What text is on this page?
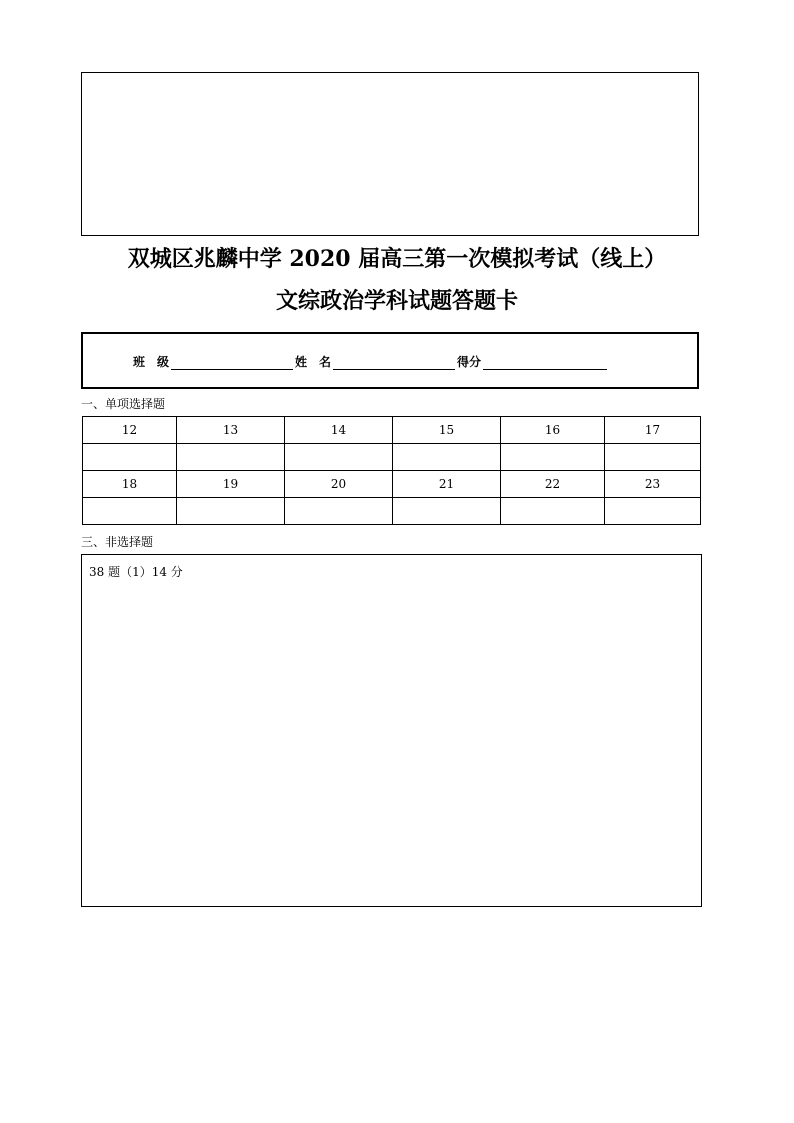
双城区兆麟中学 2020 届高三第一次模拟考试（线上）
文综政治学科试题答题卡
班　级	姓　名	得分
一、单项选择题
12	13	14	15	16	17

18	19	20	21	22	23

三、非选择题
38 题（1）14 分
